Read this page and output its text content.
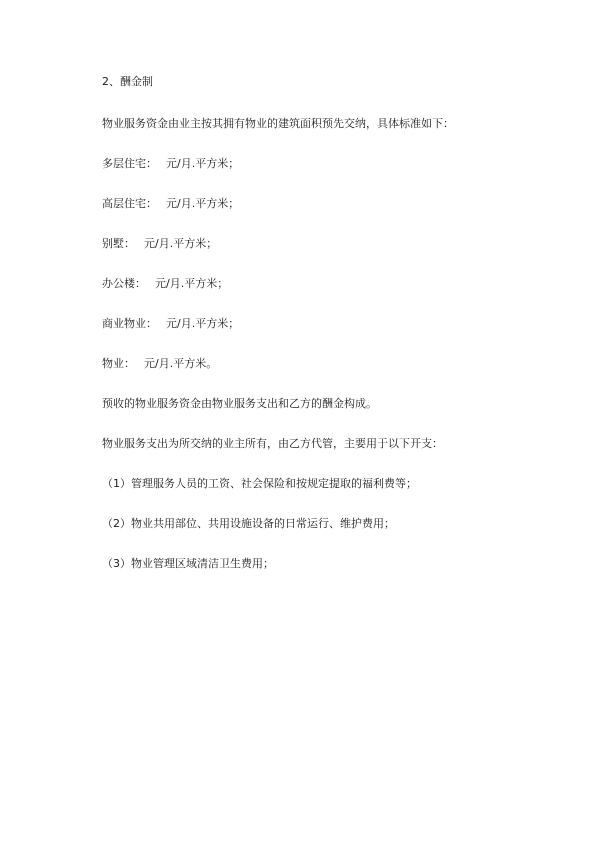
2、酬金制

物业服务资金由业主按其拥有物业的建筑面积预先交纳，具体标准如下：

多层住宅： 元/月.平方米；

高层住宅： 元/月.平方米；

别墅： 元/月.平方米；

办公楼： 元/月.平方米；

商业物业： 元/月.平方米；

物业： 元/月.平方米。

预收的物业服务资金由物业服务支出和乙方的酬金构成。

物业服务支出为所交纳的业主所有，由乙方代管，主要用于以下开支：

（1）管理服务人员的工资、社会保险和按规定提取的福利费等；

（2）物业共用部位、共用设施设备的日常运行、维护费用；

（3）物业管理区域清洁卫生费用；
